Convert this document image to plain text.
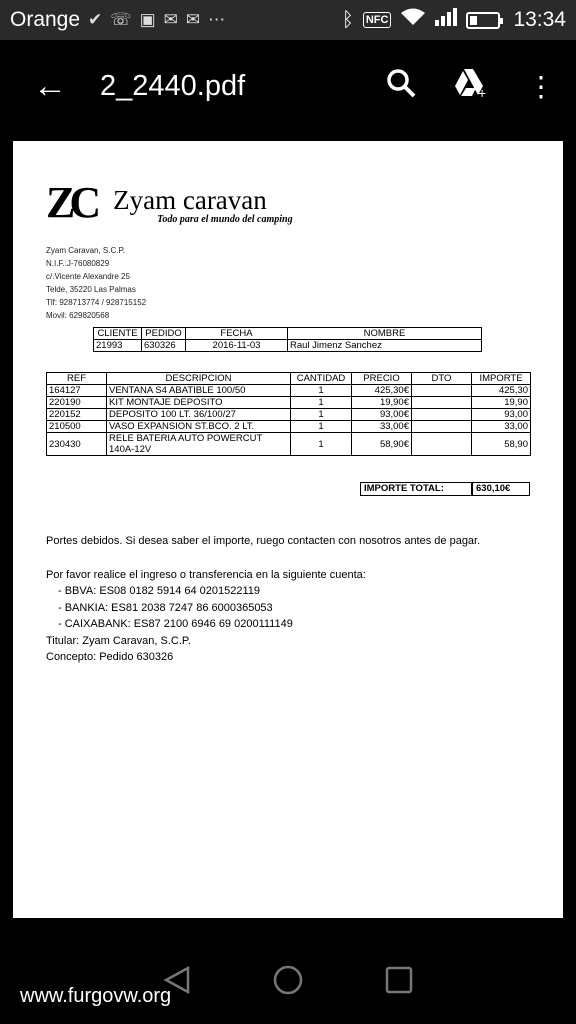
Orange ✔ ☏ ▣ ✉ ✉ ⋯	ᛒ NFC	13:34
←	2_2440.pdf	+	⋮
ZC Zyam caravan
Todo para el mundo del camping
Zyam Caravan, S.C.P.
N.I.F.:J-76080829
c/.Vicente Alexandre 25
Telde, 35220 Las Palmas
Tlf: 928713774 / 928715152
Movil: 629820568
CLIENTE	PEDIDO	FECHA	NOMBRE
21993	630326	2016-11-03	Raul Jimenz Sanchez
REF	DESCRIPCION	CANTIDAD	PRECIO	DTO	IMPORTE
164127	VENTANA S4 ABATIBLE 100/50	1	425,30€		425,30
220190	KIT MONTAJE DEPOSITO	1	19,90€		19,90
220152	DEPOSITO 100 LT. 36/100/27	1	93,00€		93,00
210500	VASO EXPANSION ST.BCO. 2 LT.	1	33,00€		33,00
230430	RELE BATERIA AUTO POWERCUT 140A-12V	1	58,90€		58,90
IMPORTE TOTAL:	630,10€

Portes debidos. Si desea saber el importe, ruego contacten con nosotros antes de pagar.

Por favor realice el ingreso o transferencia en la siguiente cuenta:
- BBVA: ES08 0182 5914 64 0201522119
- BANKIA: ES81 2038 7247 86 6000365053
- CAIXABANK: ES87 2100 6946 69 0200111149
Titular: Zyam Caravan, S.C.P.
Concepto: Pedido 630326
www.furgovw.org
